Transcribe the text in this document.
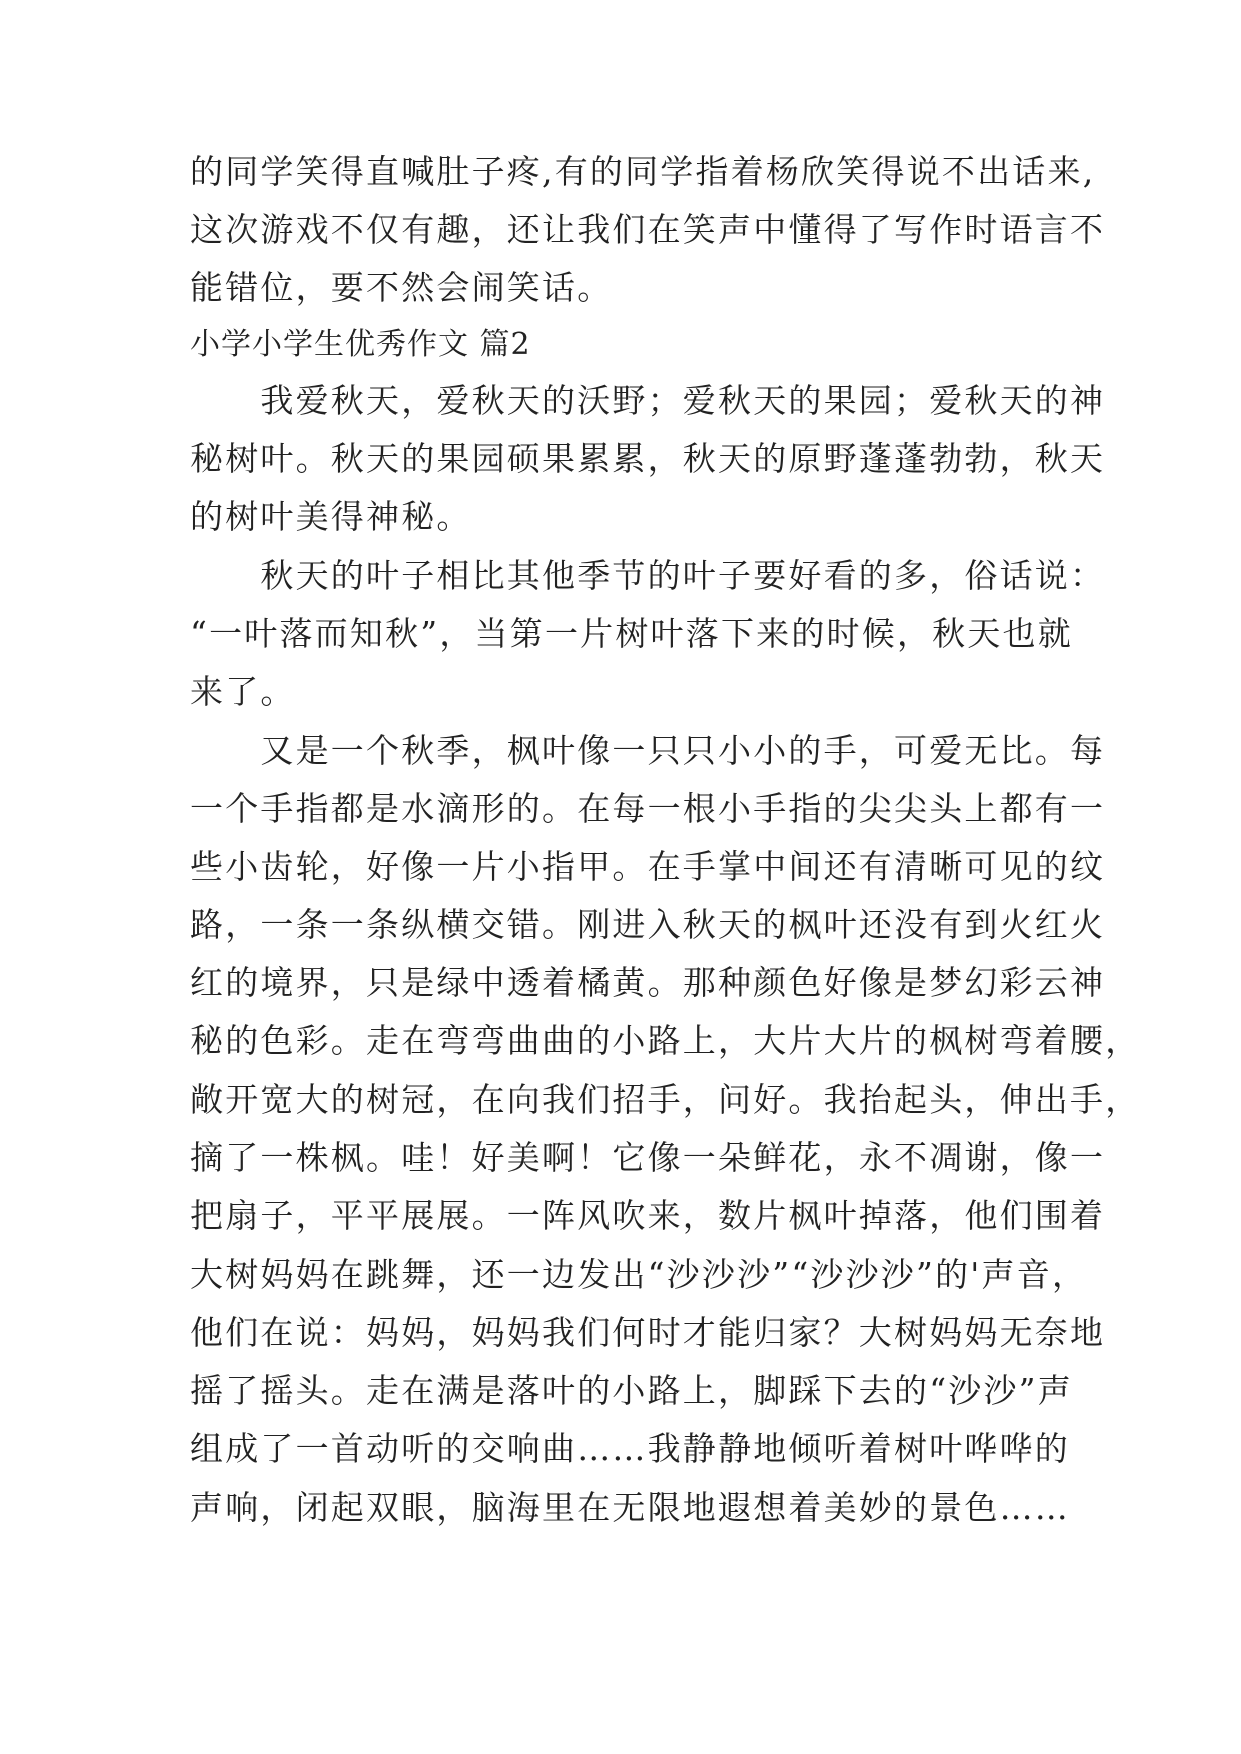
的同学笑得直喊肚子疼,有的同学指着杨欣笑得说不出话来,
这次游戏不仅有趣，还让我们在笑声中懂得了写作时语言不
能错位，要不然会闹笑话。
小学小学生优秀作文 篇2
　　我爱秋天，爱秋天的沃野；爱秋天的果园；爱秋天的神
秘树叶。秋天的果园硕果累累，秋天的原野蓬蓬勃勃，秋天
的树叶美得神秘。
　　秋天的叶子相比其他季节的叶子要好看的多，俗话说：
“一叶落而知秋”，当第一片树叶落下来的时候，秋天也就
来了。
　　又是一个秋季，枫叶像一只只小小的手，可爱无比。每
一个手指都是水滴形的。在每一根小手指的尖尖头上都有一
些小齿轮，好像一片小指甲。在手掌中间还有清晰可见的纹
路，一条一条纵横交错。刚进入秋天的枫叶还没有到火红火
红的境界，只是绿中透着橘黄。那种颜色好像是梦幻彩云神
秘的色彩。走在弯弯曲曲的小路上，大片大片的枫树弯着腰，
敞开宽大的树冠，在向我们招手，问好。我抬起头，伸出手，
摘了一株枫。哇！好美啊！它像一朵鲜花，永不凋谢，像一
把扇子，平平展展。一阵风吹来，数片枫叶掉落，他们围着
大树妈妈在跳舞，还一边发出“沙沙沙”“沙沙沙”的'声音，
他们在说：妈妈，妈妈我们何时才能归家？大树妈妈无奈地
摇了摇头。走在满是落叶的小路上，脚踩下去的“沙沙”声
组成了一首动听的交响曲……我静静地倾听着树叶哗哗的
声响，闭起双眼，脑海里在无限地遐想着美妙的景色……
